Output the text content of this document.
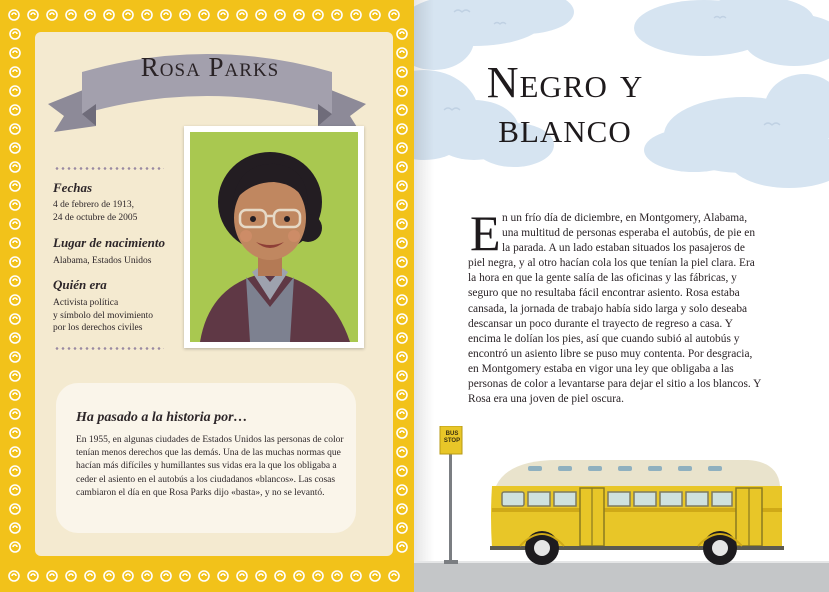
Rosa Parks
Fechas
4 de febrero de 1913,
24 de octubre de 2005
Lugar de nacimiento
Alabama, Estados Unidos
Quién era
Activista política
y símbolo del movimiento
por los derechos civiles
Ha pasado a la historia por…
En 1955, en algunas ciudades de Estados Unidos las personas de color tenían menos derechos que las demás. Una de las muchas normas que hacían más difíciles y humillantes sus vidas era la que los obligaba a ceder el asiento en el autobús a los ciudadanos «blancos». Las cosas cambiaron el día en que Rosa Parks dijo «basta», y no se levantó.
Negro y
blanco
E n un frío día de diciembre, en Montgomery, Alabama, una multitud de personas esperaba el autobús, de pie en la parada. A un lado estaban situados los pasajeros de piel negra, y al otro hacían cola los que tenían la piel clara. Era la hora en que la gente salía de las oficinas y las fábricas, y seguro que no resultaba fácil encontrar asiento. Rosa estaba cansada, la jornada de trabajo había sido larga y solo deseaba descansar un poco durante el trayecto de regreso a casa. Y encima le dolían los pies, así que cuando subió al autobús y encontró un asiento libre se puso muy contenta. Por desgracia, en Montgomery estaba en vigor una ley que obligaba a las personas de color a levantarse para dejar el sitio a los blancos. Y Rosa era una joven de piel oscura.
BUS STOP
